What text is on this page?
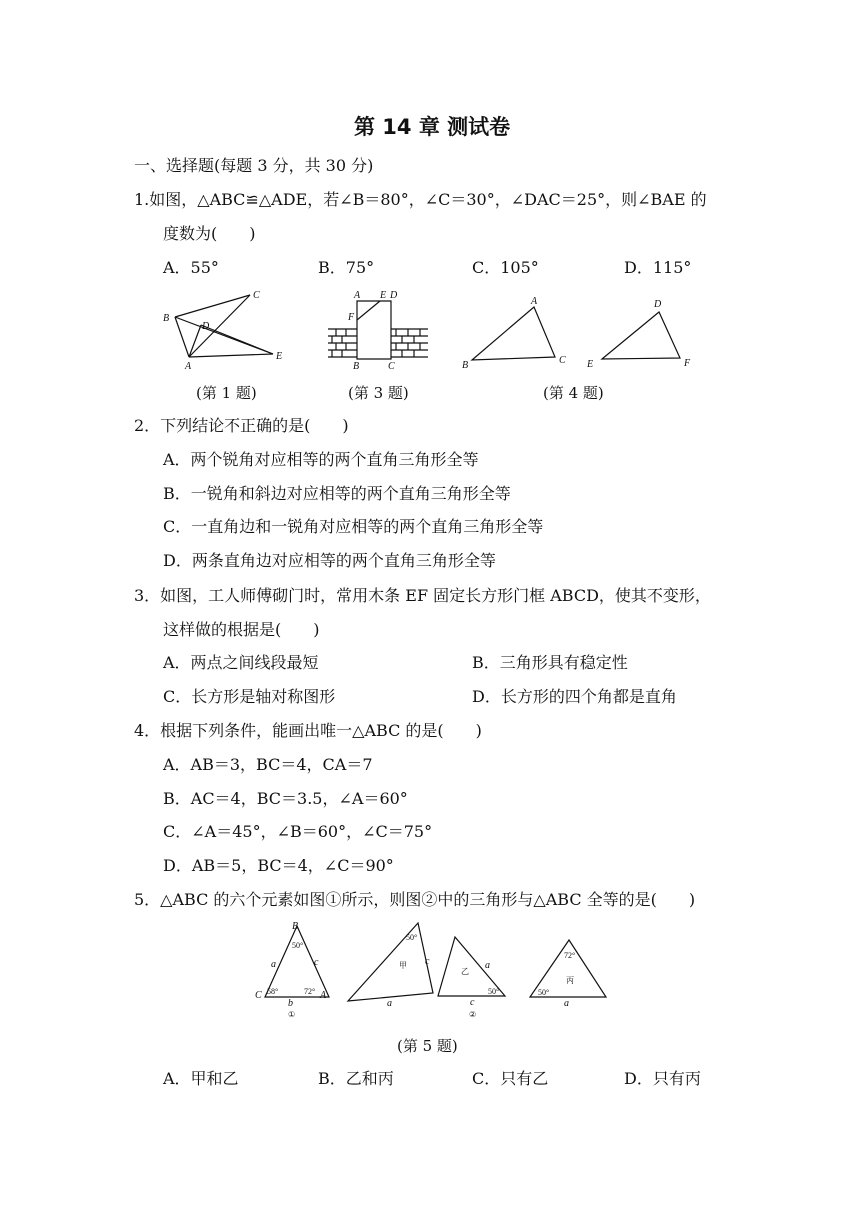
第 14 章 测试卷
一、选择题(每题 3 分，共 30 分)
1.如图，△ABC≌△ADE，若∠B＝80°，∠C＝30°，∠DAC＝25°，则∠BAE 的
度数为(　　)
A．55°	B．75°	C．105°	D．115°
C
B
D
A
E
A E D
F
B	C
A
B	C
D
E	F
(第 1 题)	(第 3 题)	(第 4 题)
2．下列结论不正确的是(　　)
A．两个锐角对应相等的两个直角三角形全等
B．一锐角和斜边对应相等的两个直角三角形全等
C．一直角边和一锐角对应相等的两个直角三角形全等
D．两条直角边对应相等的两个直角三角形全等
3．如图，工人师傅砌门时，常用木条 EF 固定长方形门框 ABCD，使其不变形，
这样做的根据是(　　)
A．两点之间线段最短	B．三角形具有稳定性
C．长方形是轴对称图形	D．长方形的四个角都是直角
4．根据下列条件，能画出唯一△ABC 的是(　　)
A．AB＝3，BC＝4，CA＝7
B．AC＝4，BC＝3.5，∠A＝60°
C．∠A＝45°，∠B＝60°，∠C＝75°
D．AB＝5，BC＝4，∠C＝90°
5．△ABC 的六个元素如图①所示，则图②中的三角形与△ABC 全等的是(　　)
B
50°
a	c
C 58°	72° A
b
①
50°
甲 c
a
乙
a
50°
c
②
72°
丙
50°
a
(第 5 题)
A．甲和乙	B．乙和丙	C．只有乙	D．只有丙
